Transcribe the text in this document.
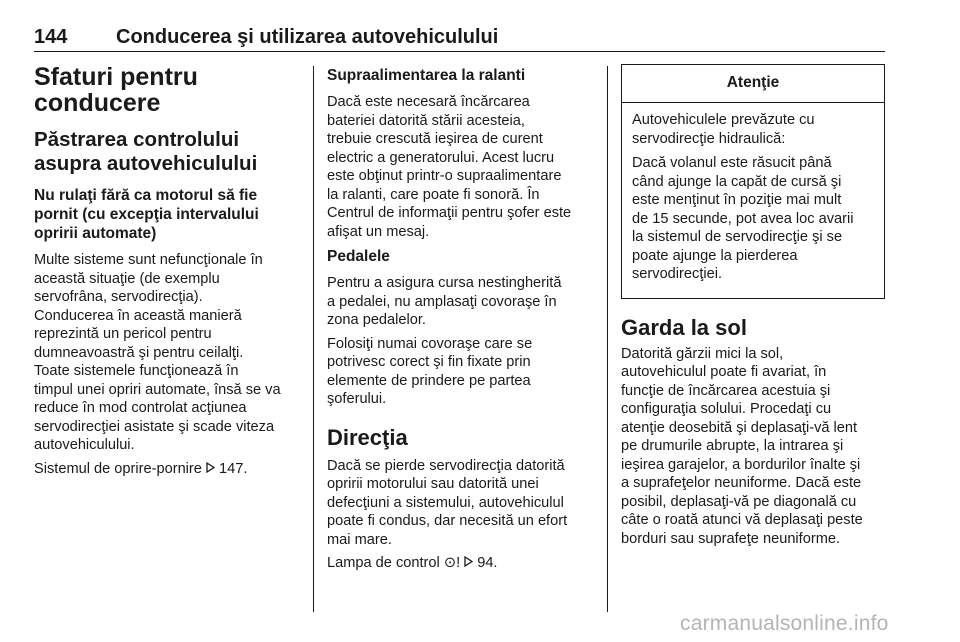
144 Conducerea şi utilizarea autovehiculului
Sfaturi pentru
conducere
Păstrarea controlului
asupra autovehiculului
Nu rulaţi fără ca motorul să fie
pornit (cu excepţia intervalului
opririi automate)

Multe sisteme sunt nefuncţionale în
această situaţie (de exemplu
servofrâna, servodirecţia).
Conducerea în această manieră
reprezintă un pericol pentru
dumneavoastră şi pentru ceilalţi.
Toate sistemele funcţionează în
timpul unei opriri automate, însă se va
reduce în mod controlat acţiunea
servodirecţiei asistate şi scade viteza
autovehiculului.

Sistemul de oprire-pornire 147.

Supraalimentarea la ralanti

Dacă este necesară încărcarea
bateriei datorită stării acesteia,
trebuie crescută ieşirea de curent
electric a generatorului. Acest lucru
este obţinut printr-o supraalimentare
la ralanti, care poate fi sonoră. În
Centrul de informaţii pentru şofer este
afişat un mesaj.

Pedalele

Pentru a asigura cursa nestingherită
a pedalei, nu amplasaţi covoraşe în
zona pedalelor.

Folosiţi numai covoraşe care se
potrivesc corect şi fin fixate prin
elemente de prindere pe partea
şoferului.

Direcţia

Dacă se pierde servodirecţia datorită
opririi motorului sau datorită unei
defecţiuni a sistemului, autovehiculul
poate fi condus, dar necesită un efort
mai mare.

Lampa de control ⊙! 94.

Atenţie

Autovehiculele prevăzute cu
servodirecţie hidraulică:

Dacă volanul este răsucit până
când ajunge la capăt de cursă şi
este menţinut în poziţie mai mult
de 15 secunde, pot avea loc avarii
la sistemul de servodirecţie şi se
poate ajunge la pierderea
servodirecţiei.

Garda la sol

Datorită gărzii mici la sol,
autovehiculul poate fi avariat, în
funcţie de încărcarea acestuia şi
configuraţia solului. Procedaţi cu
atenţie deosebită şi deplasaţi-vă lent
pe drumurile abrupte, la intrarea şi
ieşirea garajelor, a bordurilor înalte şi
a suprafeţelor neuniforme. Dacă este
posibil, deplasaţi-vă pe diagonală cu
câte o roată atunci vă deplasaţi peste
borduri sau suprafeţe neuniforme.

carmanualsonline.info
